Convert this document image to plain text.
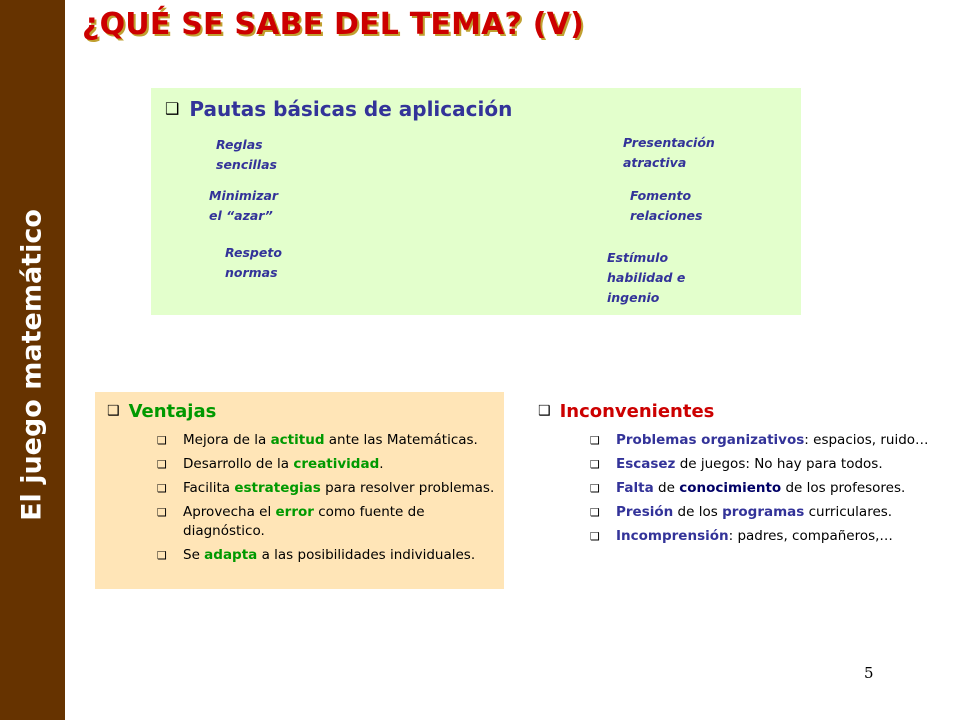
El juego matemático
¿QUÉ SE SABE DEL TEMA? (V)
❑ Pautas básicas de aplicación
Reglas
sencillas
Minimizar
el “azar”
Respeto
normas
Presentación
atractiva
Fomento
relaciones
Estímulo
habilidad e
ingenio
❑ Ventajas
❑ Mejora de la actitud ante las Matemáticas.
❑ Desarrollo de la creatividad.
❑ Facilita estrategias para resolver problemas.
❑ Aprovecha el error como fuente de diagnóstico.
❑ Se adapta a las posibilidades individuales.
❑ Inconvenientes
❑ Problemas organizativos: espacios, ruido…
❑ Escasez de juegos: No hay para todos.
❑ Falta de conocimiento de los profesores.
❑ Presión de los programas curriculares.
❑ Incomprensión: padres, compañeros,…
5
